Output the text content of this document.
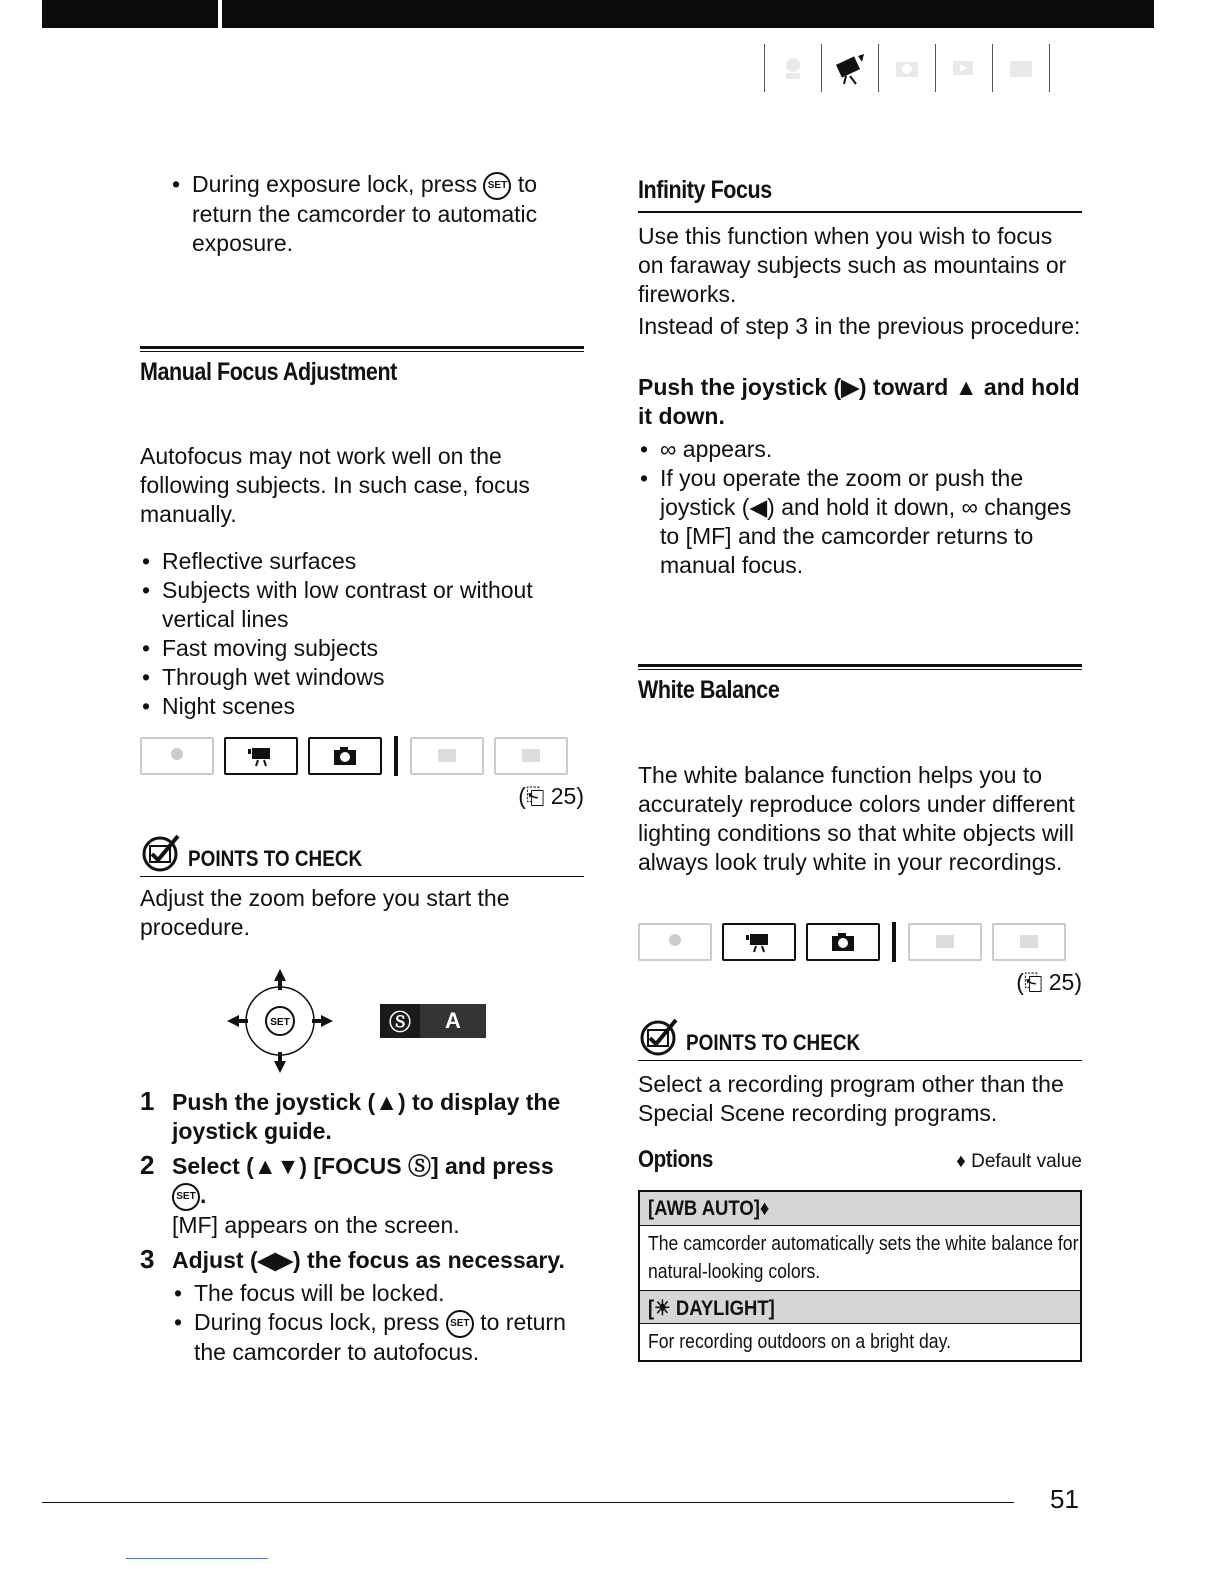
• During exposure lock, press SET to return the camcorder to automatic exposure.
Manual Focus Adjustment

Autofocus may not work well on the following subjects. In such case, focus manually.

• Reflective surfaces
• Subjects with low contrast or without vertical lines
• Fast moving subjects
• Through wet windows
• Night scenes
(⎗ 25)
POINTS TO CHECK

Adjust the zoom before you start the procedure.

SET	Ⓢ	A
1 Push the joystick (▲) to display the joystick guide.
2 Select (▲▼) [FOCUS Ⓢ] and press SET .
[MF] appears on the screen.
3 Adjust (◀▶) the focus as necessary.
• The focus will be locked.
• During focus lock, press SET to return the camcorder to autofocus.
Infinity Focus

Use this function when you wish to focus on faraway subjects such as mountains or fireworks.

Instead of step 3 in the previous procedure:

Push the joystick (▶) toward ▲ and hold it down.

• ∞ appears.
• If you operate the zoom or push the joystick (◀) and hold it down, ∞ changes to [MF] and the camcorder returns to manual focus.
White Balance

The white balance function helps you to accurately reproduce colors under different lighting conditions so that white objects will always look truly white in your recordings.

(⎗ 25)
POINTS TO CHECK

Select a recording program other than the Special Scene recording programs.

Options	♦ Default value
[AWB AUTO]♦
The camcorder automatically sets the white balance for natural-looking colors.
[☀ DAYLIGHT]
For recording outdoors on a bright day.
51
